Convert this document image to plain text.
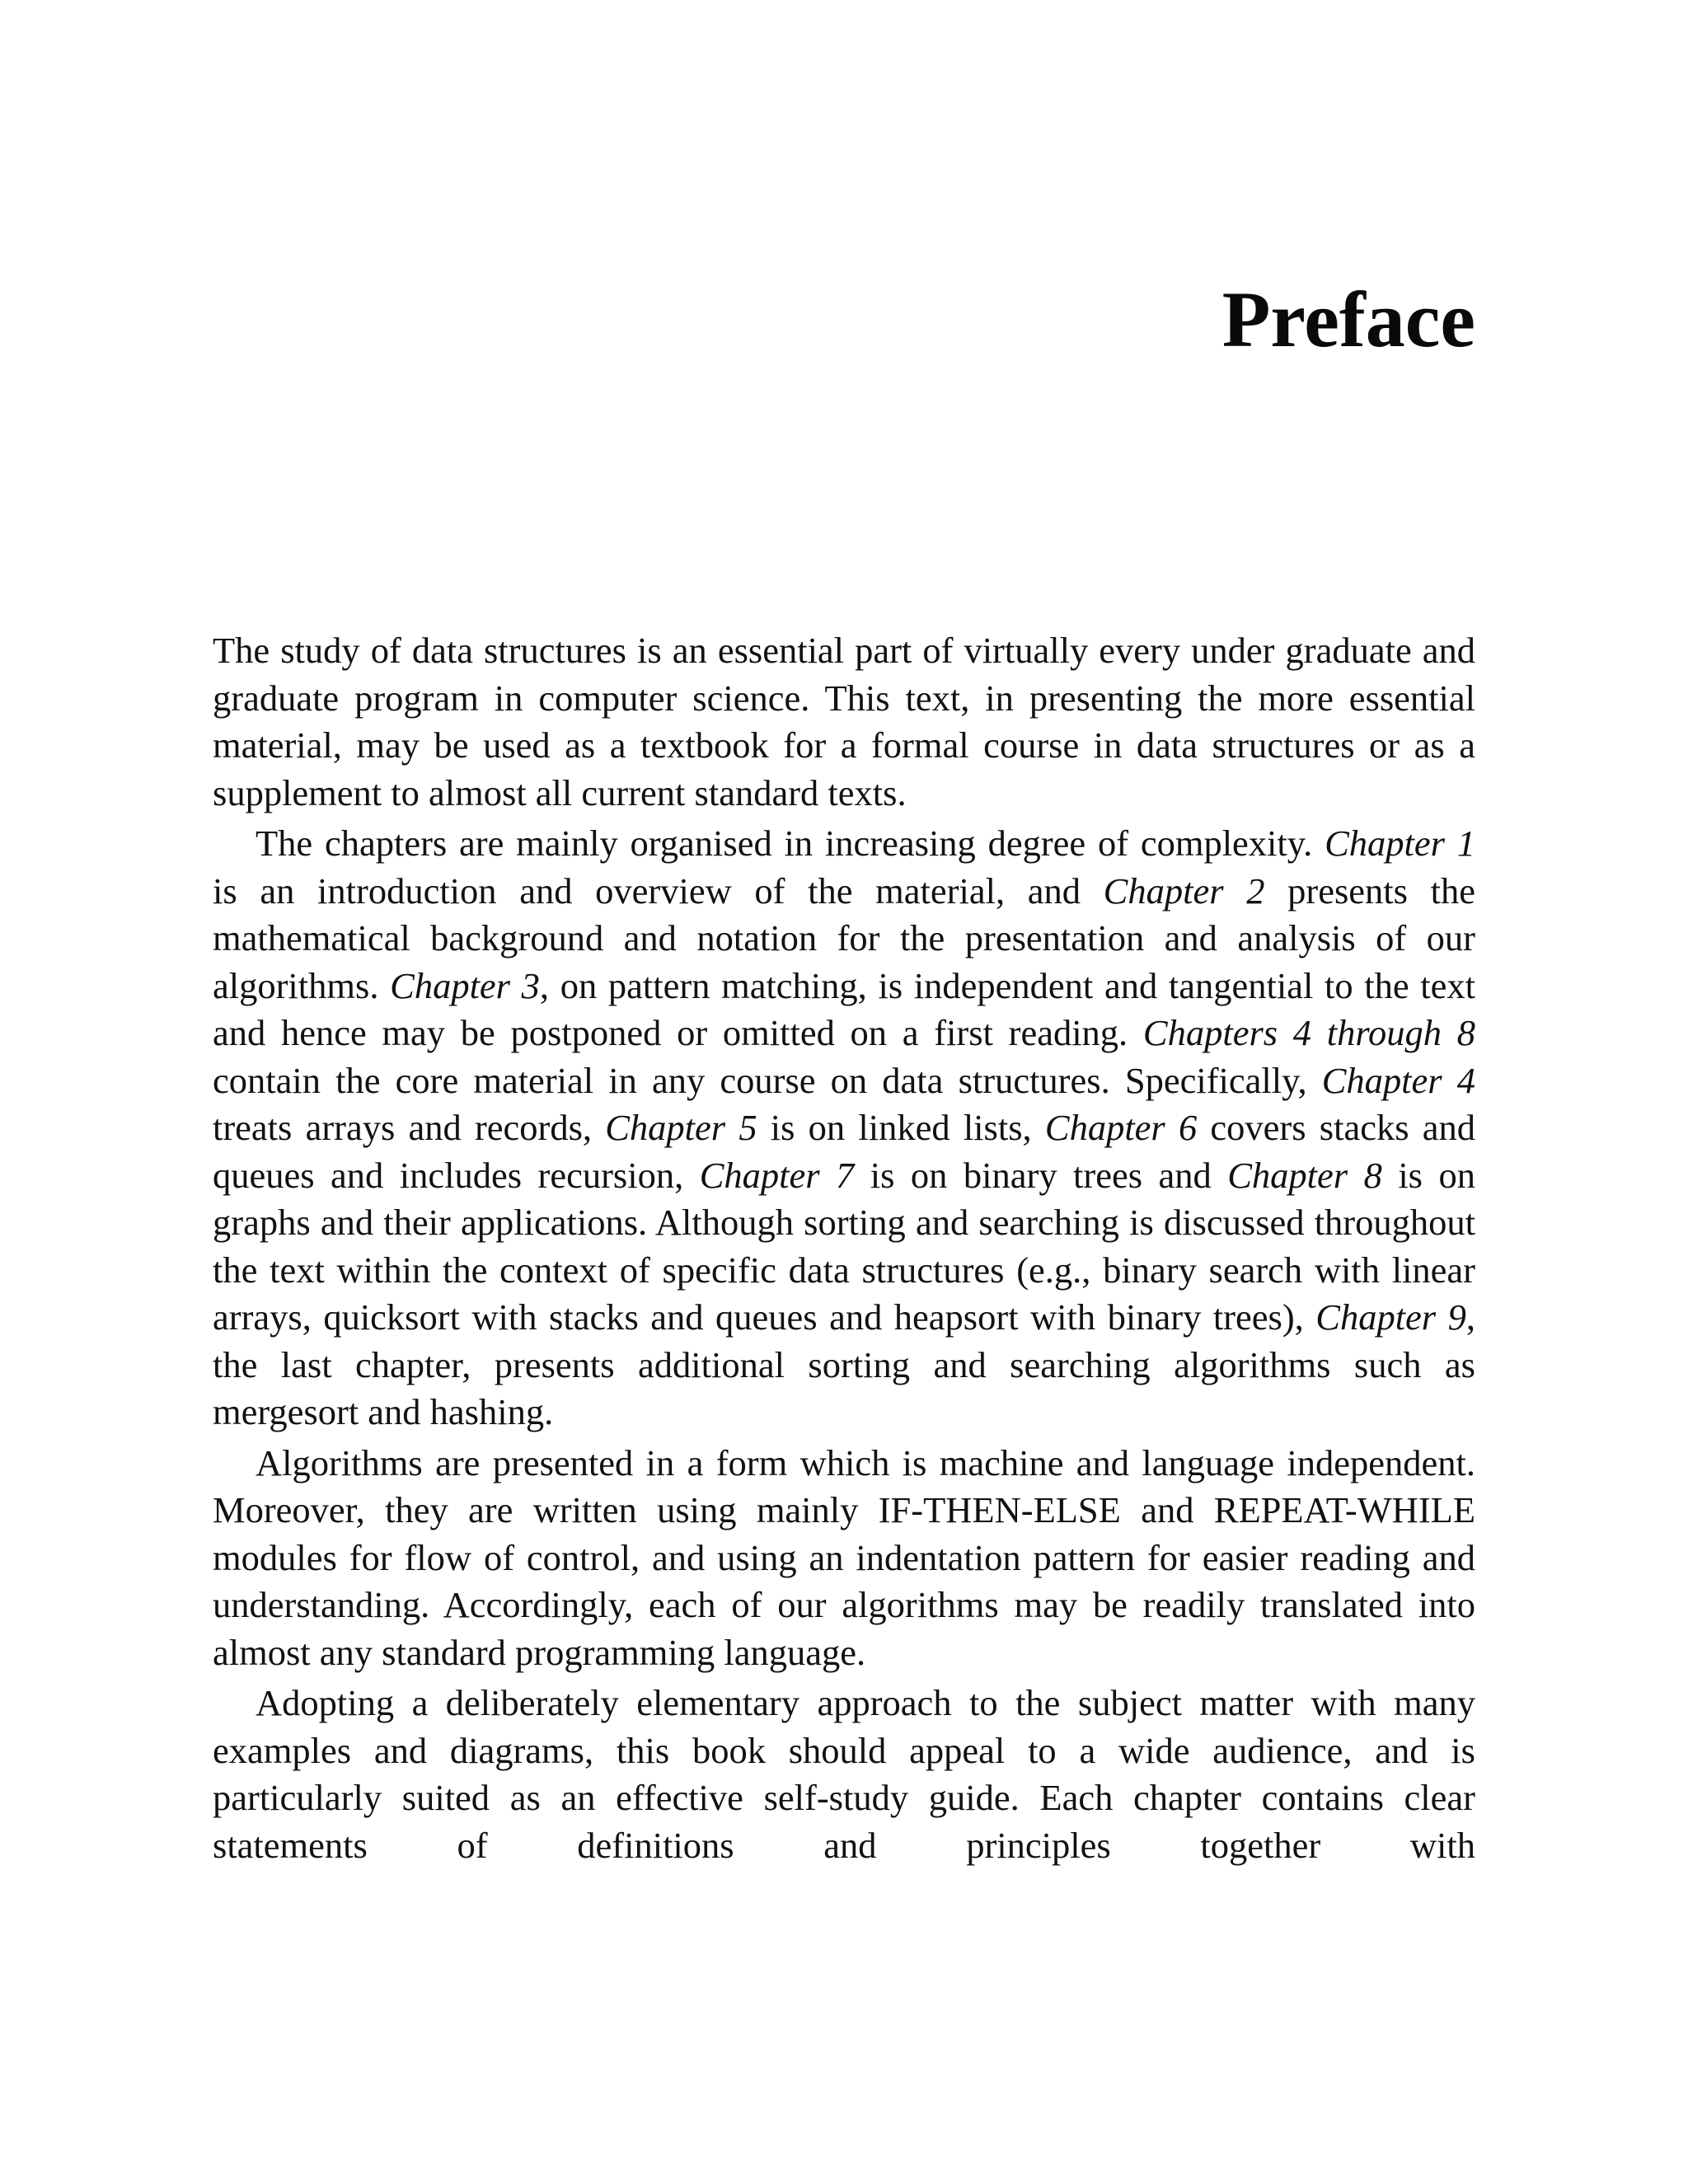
Preface

The study of data structures is an essential part of virtually every under graduate and graduate program in computer science. This text, in presenting the more essential material, may be used as a textbook for a formal course in data structures or as a supplement to almost all current standard texts.

The chapters are mainly organised in increasing degree of complexity. Chapter 1 is an introduction and overview of the material, and Chapter 2 presents the mathematical background and notation for the presentation and analysis of our algorithms. Chapter 3, on pattern matching, is independent and tangential to the text and hence may be postponed or omitted on a first reading. Chapters 4 through 8 contain the core material in any course on data structures. Specifically, Chapter 4 treats arrays and records, Chapter 5 is on linked lists, Chapter 6 covers stacks and queues and includes recursion, Chapter 7 is on binary trees and Chapter 8 is on graphs and their applications. Although sorting and searching is discussed throughout the text within the context of specific data structures (e.g., binary search with linear arrays, quicksort with stacks and queues and heapsort with binary trees), Chapter 9, the last chapter, presents additional sorting and searching algorithms such as mergesort and hashing.

Algorithms are presented in a form which is machine and language independent. Moreover, they are written using mainly IF-THEN-ELSE and REPEAT-WHILE modules for flow of control, and using an indentation pattern for easier reading and understanding. Accordingly, each of our algorithms may be readily translated into almost any standard programming language.

Adopting a deliberately elementary approach to the subject matter with many examples and diagrams, this book should appeal to a wide audience, and is particularly suited as an effective self-study guide. Each chapter contains clear statements of definitions and principles together with
